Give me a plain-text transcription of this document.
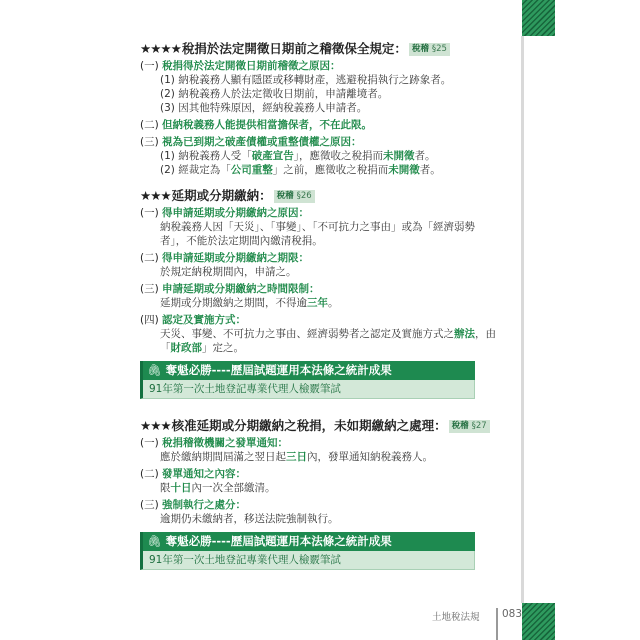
★★★★稅捐於法定開徵日期前之稽徵保全規定： 稅稽 §25

(一) 稅捐得於法定開徵日期前稽徵之原因：

(1) 納稅義務人顯有隱匿或移轉財產，逃避稅捐執行之跡象者。

(2) 納稅義務人於法定徵收日期前，申請離境者。

(3) 因其他特殊原因，經納稅義務人申請者。

(二) 但納稅義務人能提供相當擔保者，不在此限。

(三) 視為已到期之破產債權或重整債權之原因：

(1) 納稅義務人受「破產宣告」，應徵收之稅捐而未開徵者。

(2) 經裁定為「公司重整」之前，應徵收之稅捐而未開徵者。

★★★延期或分期繳納： 稅稽 §26

(一) 得申請延期或分期繳納之原因：

納稅義務人因「天災」、「事變」、「不可抗力之事由」或為「經濟弱勢

者」，不能於法定期間內繳清稅捐。

(二) 得申請延期或分期繳納之期限：

於規定納稅期間內，申請之。

(三) 申請延期或分期繳納之時間限制：

延期或分期繳納之期間，不得逾三年。

(四) 認定及實施方式：

天災、事變、不可抗力之事由、經濟弱勢者之認定及實施方式之辦法，由

「財政部」定之。

🖇︎ 奪魁必勝----歷屆試題運用本法條之統計成果
91年第一次土地登記專業代理人檢覈筆試
★★★核准延期或分期繳納之稅捐，未如期繳納之處理： 稅稽 §27

(一) 稅捐稽徵機關之發單通知：

應於繳納期間屆滿之翌日起三日內，發單通知納稅義務人。

(二) 發單通知之內容：

限十日內一次全部繳清。

(三) 強制執行之處分：

逾期仍未繳納者，移送法院強制執行。

🖇︎ 奪魁必勝----歷屆試題運用本法條之統計成果
91年第一次土地登記專業代理人檢覈筆試
土地稅法規 083
